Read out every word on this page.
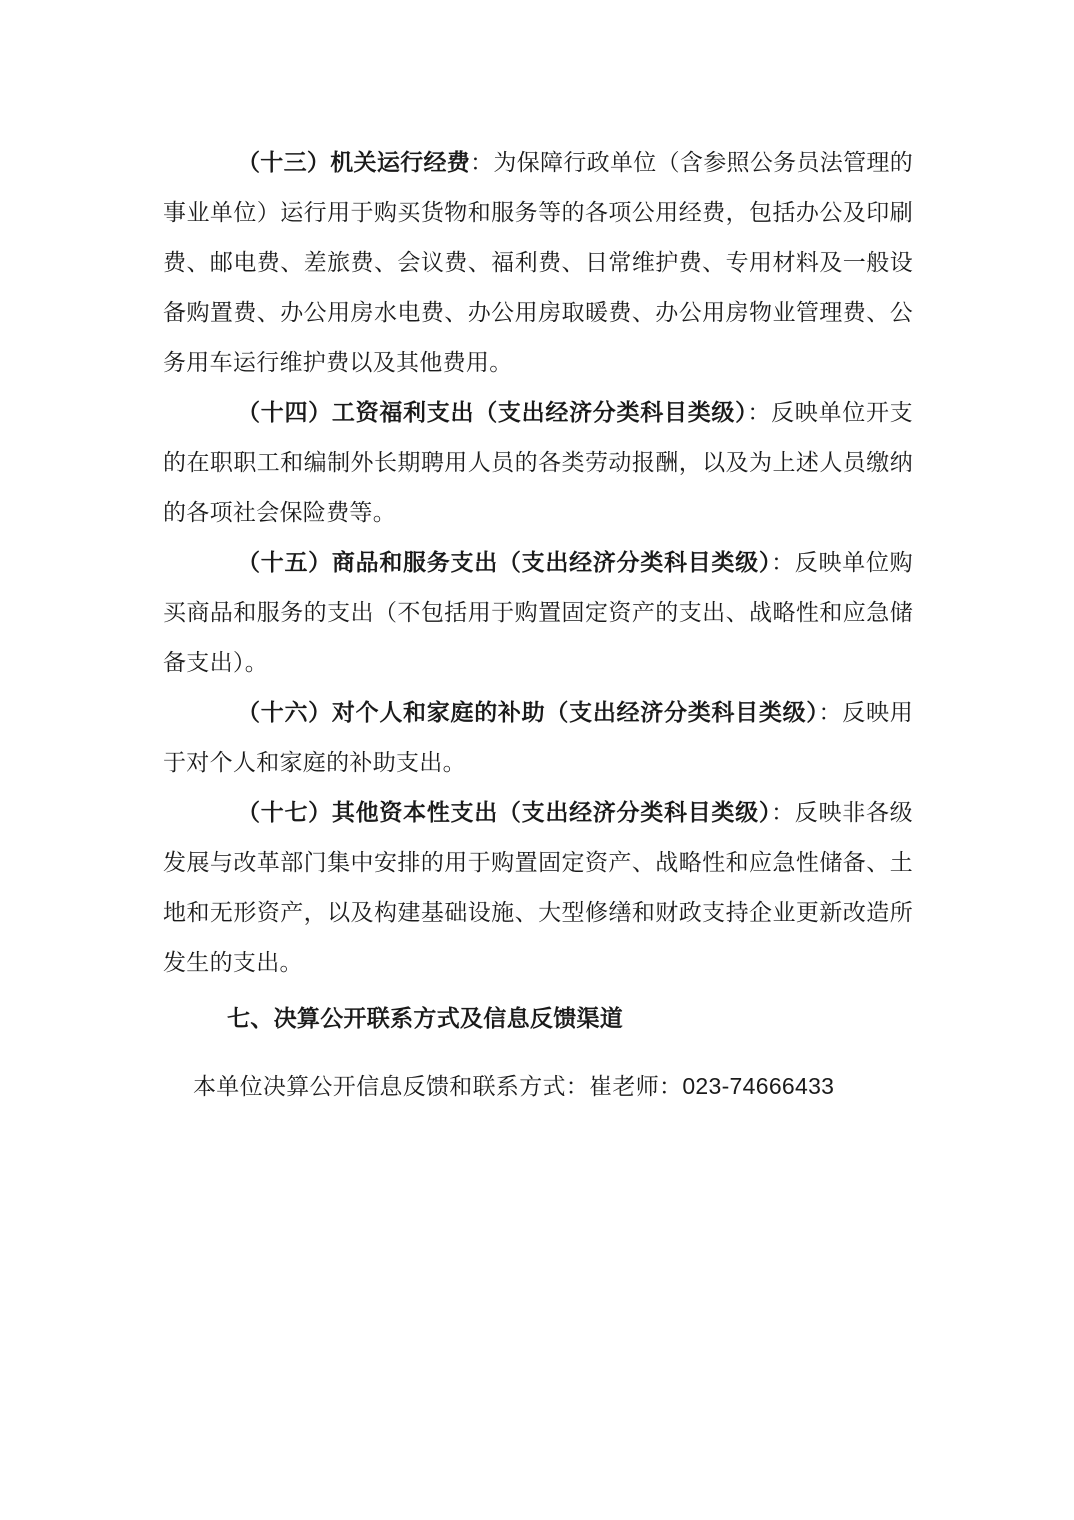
（十三）机关运行经费：为保障行政单位（含参照公务员法管理的事业单位）运行用于购买货物和服务等的各项公用经费，包括办公及印刷费、邮电费、差旅费、会议费、福利费、日常维护费、专用材料及一般设备购置费、办公用房水电费、办公用房取暖费、办公用房物业管理费、公务用车运行维护费以及其他费用。

（十四）工资福利支出（支出经济分类科目类级）：反映单位开支的在职职工和编制外长期聘用人员的各类劳动报酬，以及为上述人员缴纳的各项社会保险费等。

（十五）商品和服务支出（支出经济分类科目类级）：反映单位购买商品和服务的支出（不包括用于购置固定资产的支出、战略性和应急储备支出）。

（十六）对个人和家庭的补助（支出经济分类科目类级）：反映用于对个人和家庭的补助支出。

（十七）其他资本性支出（支出经济分类科目类级）：反映非各级发展与改革部门集中安排的用于购置固定资产、战略性和应急性储备、土地和无形资产，以及构建基础设施、大型修缮和财政支持企业更新改造所发生的支出。

七、决算公开联系方式及信息反馈渠道

本单位决算公开信息反馈和联系方式：崔老师：023-74666433
